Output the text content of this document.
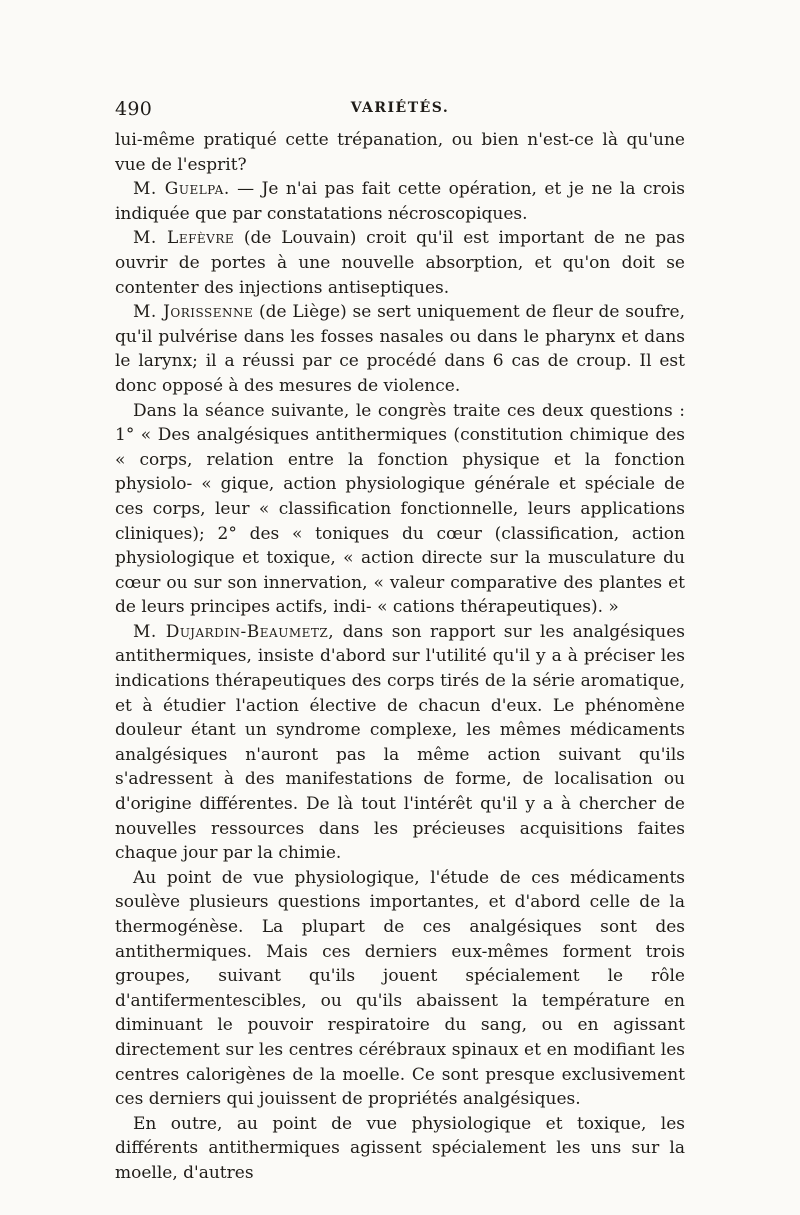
490	VARIÉTÉS.

lui-même pratiqué cette trépanation, ou bien n'est-ce là qu'une vue de l'esprit?

M. Guelpa. — Je n'ai pas fait cette opération, et je ne la crois indiquée que par constatations nécroscopiques.

M. Lefèvre (de Louvain) croit qu'il est important de ne pas ouvrir de portes à une nouvelle absorption, et qu'on doit se contenter des injections antiseptiques.

M. Jorissenne (de Liège) se sert uniquement de fleur de soufre, qu'il pulvérise dans les fosses nasales ou dans le pharynx et dans le larynx; il a réussi par ce procédé dans 6 cas de croup. Il est donc opposé à des mesures de violence.

Dans la séance suivante, le congrès traite ces deux questions : 1° « Des analgésiques antithermiques (constitution chimique des « corps, relation entre la fonction physique et la fonction physiolo- « gique, action physiologique générale et spéciale de ces corps, leur « classification fonctionnelle, leurs applications cliniques); 2° des « toniques du cœur (classification, action physiologique et toxique, « action directe sur la musculature du cœur ou sur son innervation, « valeur comparative des plantes et de leurs principes actifs, indi- « cations thérapeutiques). »

M. Dujardin-Beaumetz, dans son rapport sur les analgésiques antithermiques, insiste d'abord sur l'utilité qu'il y a à préciser les indications thérapeutiques des corps tirés de la série aromatique, et à étudier l'action élective de chacun d'eux. Le phénomène douleur étant un syndrome complexe, les mêmes médicaments analgésiques n'auront pas la même action suivant qu'ils s'adressent à des manifestations de forme, de localisation ou d'origine différentes. De là tout l'intérêt qu'il y a à chercher de nouvelles ressources dans les précieuses acquisitions faites chaque jour par la chimie.

Au point de vue physiologique, l'étude de ces médicaments soulève plusieurs questions importantes, et d'abord celle de la thermogénèse. La plupart de ces analgésiques sont des antithermiques. Mais ces derniers eux-mêmes forment trois groupes, suivant qu'ils jouent spécialement le rôle d'antifermentescibles, ou qu'ils abaissent la température en diminuant le pouvoir respiratoire du sang, ou en agissant directement sur les centres cérébraux spinaux et en modifiant les centres calorigènes de la moelle. Ce sont presque exclusivement ces derniers qui jouissent de propriétés analgésiques.

En outre, au point de vue physiologique et toxique, les différents antithermiques agissent spécialement les uns sur la moelle, d'autres
